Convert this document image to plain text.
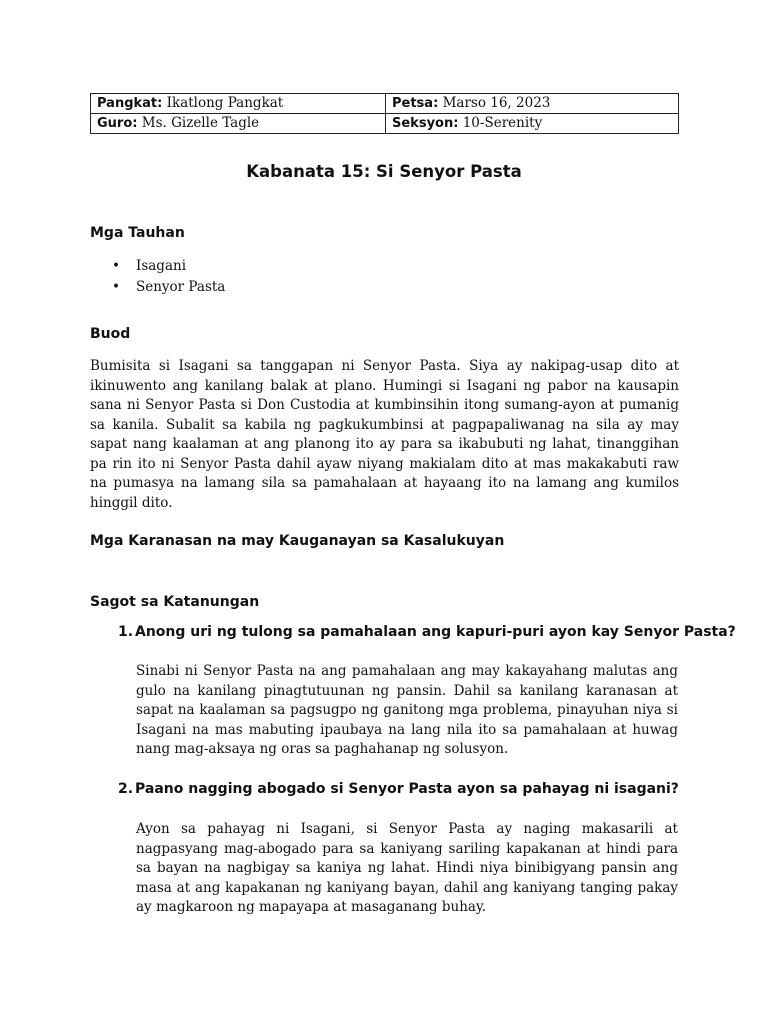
Pangkat: Ikatlong Pangkat	Petsa: Marso 16, 2023
Guro: Ms. Gizelle Tagle	Seksyon: 10-Serenity
Kabanata 15: Si Senyor Pasta
Mga Tauhan
• Isagani
• Senyor Pasta
Buod

Bumisita si Isagani sa tanggapan ni Senyor Pasta. Siya ay nakipag-usap dito at ikinuwento ang kanilang balak at plano. Humingi si Isagani ng pabor na kausapin sana ni Senyor Pasta si Don Custodia at kumbinsihin itong sumang-ayon at pumanig sa kanila. Subalit sa kabila ng pagkukumbinsi at pagpapaliwanag na sila ay may sapat nang kaalaman at ang planong ito ay para sa ikabubuti ng lahat, tinanggihan pa rin ito ni Senyor Pasta dahil ayaw niyang makialam dito at mas makakabuti raw na pumasya na lamang sila sa pamahalaan at hayaang ito na lamang ang kumilos hinggil dito.

Mga Karanasan na may Kauganayan sa Kasalukuyan
Sagot sa Katanungan
1. Anong uri ng tulong sa pamahalaan ang kapuri-puri ayon kay Senyor Pasta?

Sinabi ni Senyor Pasta na ang pamahalaan ang may kakayahang malutas ang gulo na kanilang pinagtutuunan ng pansin. Dahil sa kanilang karanasan at sapat na kaalaman sa pagsugpo ng ganitong mga problema, pinayuhan niya si Isagani na mas mabuting ipaubaya na lang nila ito sa pamahalaan at huwag nang mag-aksaya ng oras sa paghahanap ng solusyon.

2. Paano nagging abogado si Senyor Pasta ayon sa pahayag ni isagani?

Ayon sa pahayag ni Isagani, si Senyor Pasta ay naging makasarili at nagpasyang mag-abogado para sa kaniyang sariling kapakanan at hindi para sa bayan na nagbigay sa kaniya ng lahat. Hindi niya binibigyang pansin ang masa at ang kapakanan ng kaniyang bayan, dahil ang kaniyang tanging pakay ay magkaroon ng mapayapa at masaganang buhay.
